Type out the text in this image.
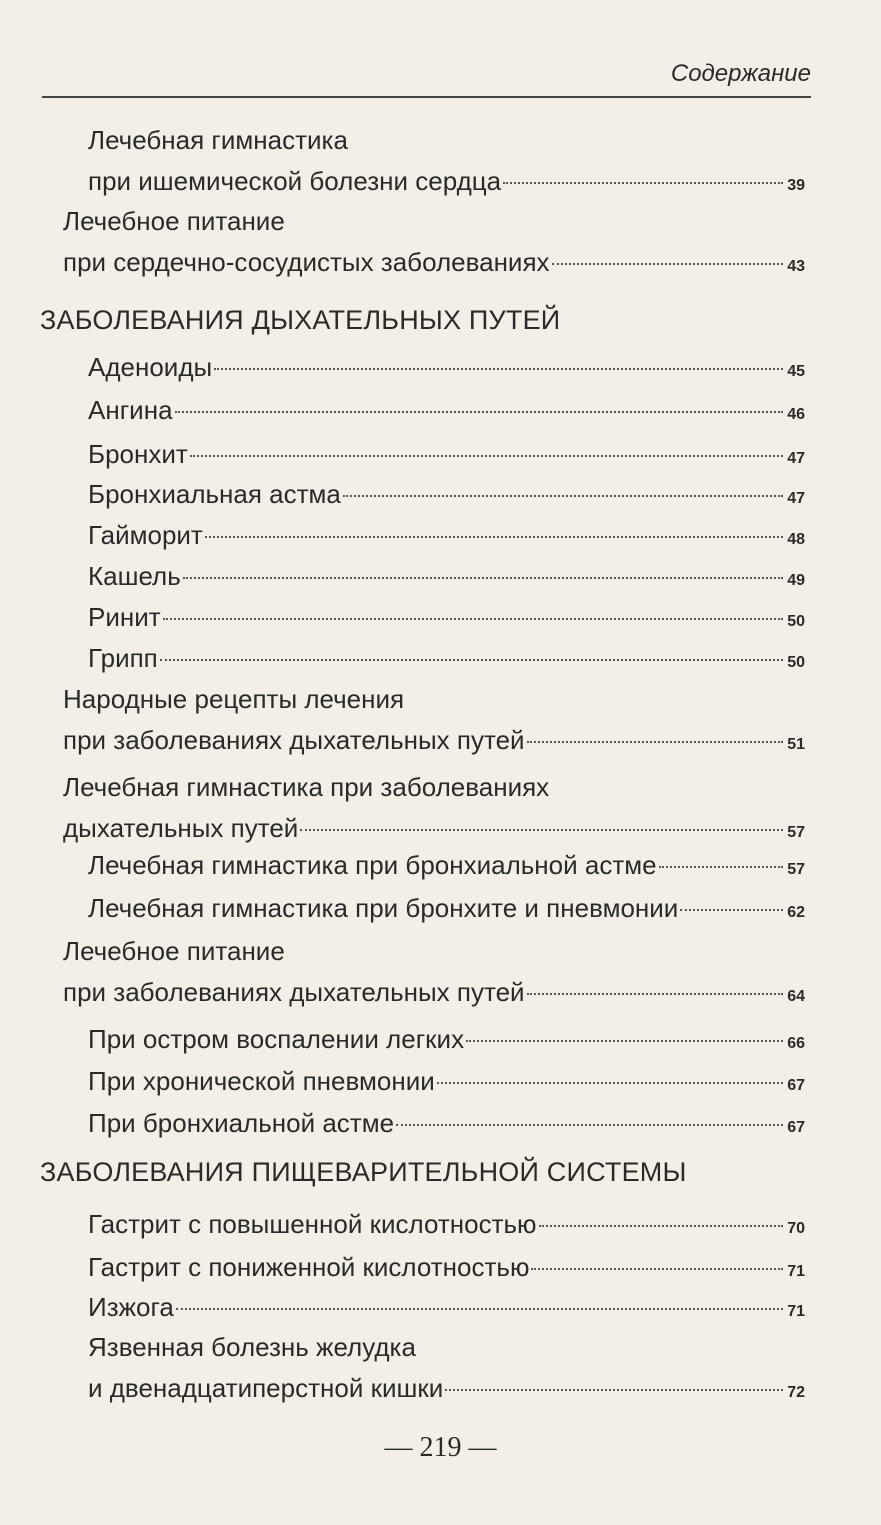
Содержание
Лечебная гимнастика
при ишемической болезни сердца	39
Лечебное питание
при сердечно-сосудистых заболеваниях	43
ЗАБОЛЕВАНИЯ ДЫХАТЕЛЬНЫХ ПУТЕЙ
Аденоиды	45
Ангина	46
Бронхит	47
Бронхиальная астма	47
Гайморит	48
Кашель	49
Ринит	50
Грипп	50
Народные рецепты лечения
при заболеваниях дыхательных путей	51
Лечебная гимнастика при заболеваниях
дыхательных путей	57
Лечебная гимнастика при бронхиальной астме	57
Лечебная гимнастика при бронхите и пневмонии	62
Лечебное питание
при заболеваниях дыхательных путей	64
При остром воспалении легких	66
При хронической пневмонии	67
При бронхиальной астме	67
ЗАБОЛЕВАНИЯ ПИЩЕВАРИТЕЛЬНОЙ СИСТЕМЫ
Гастрит с повышенной кислотностью	70
Гастрит с пониженной кислотностью	71
Изжога	71
Язвенная болезнь желудка
и двенадцатиперстной кишки	72
— 219 —
